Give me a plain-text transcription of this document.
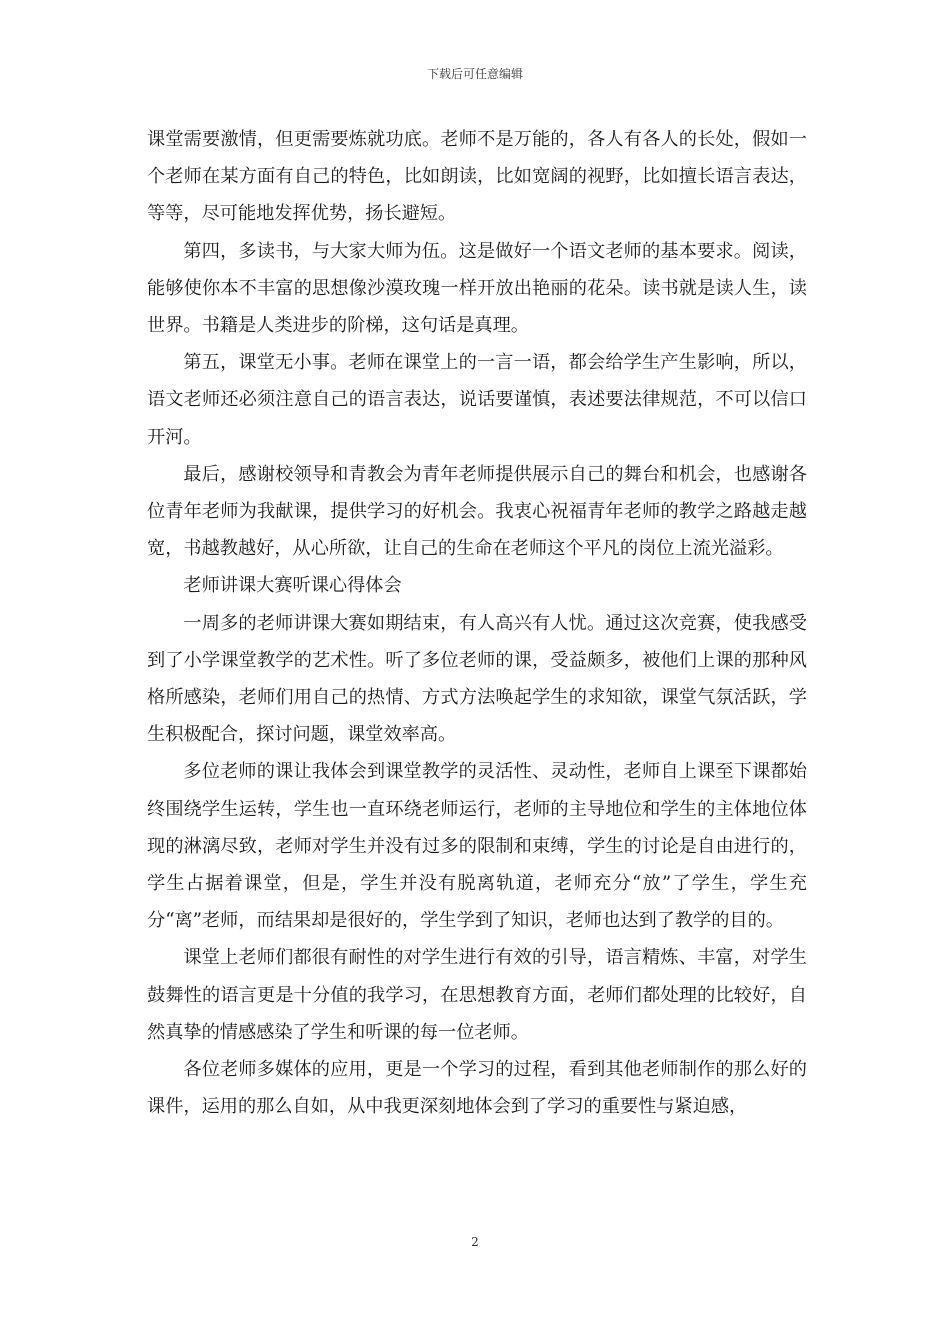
下载后可任意编辑

课堂需要激情，但更需要炼就功底。老师不是万能的，各人有各人的长处，假如一个老师在某方面有自己的特色，比如朗读，比如宽阔的视野，比如擅长语言表达，等等，尽可能地发挥优势，扬长避短。

第四，多读书，与大家大师为伍。这是做好一个语文老师的基本要求。阅读，能够使你本不丰富的思想像沙漠玫瑰一样开放出艳丽的花朵。读书就是读人生，读世界。书籍是人类进步的阶梯，这句话是真理。

第五，课堂无小事。老师在课堂上的一言一语，都会给学生产生影响，所以，语文老师还必须注意自己的语言表达，说话要谨慎，表述要法律规范，不可以信口开河。

最后，感谢校领导和青教会为青年老师提供展示自己的舞台和机会，也感谢各位青年老师为我献课，提供学习的好机会。我衷心祝福青年老师的教学之路越走越宽，书越教越好，从心所欲，让自己的生命在老师这个平凡的岗位上流光溢彩。

老师讲课大赛听课心得体会

一周多的老师讲课大赛如期结束，有人高兴有人忧。通过这次竞赛，使我感受到了小学课堂教学的艺术性。听了多位老师的课，受益颇多，被他们上课的那种风格所感染，老师们用自己的热情、方式方法唤起学生的求知欲，课堂气氛活跃，学生积极配合，探讨问题，课堂效率高。

多位老师的课让我体会到课堂教学的灵活性、灵动性，老师自上课至下课都始终围绕学生运转，学生也一直环绕老师运行，老师的主导地位和学生的主体地位体现的淋漓尽致，老师对学生并没有过多的限制和束缚，学生的讨论是自由进行的，学生占据着课堂，但是，学生并没有脱离轨道，老师充分“放”了学生，学生充分“离”老师，而结果却是很好的，学生学到了知识，老师也达到了教学的目的。

课堂上老师们都很有耐性的对学生进行有效的引导，语言精炼、丰富，对学生鼓舞性的语言更是十分值的我学习，在思想教育方面，老师们都处理的比较好，自然真挚的情感感染了学生和听课的每一位老师。

各位老师多媒体的应用，更是一个学习的过程，看到其他老师制作的那么好的课件，运用的那么自如，从中我更深刻地体会到了学习的重要性与紧迫感，

2
